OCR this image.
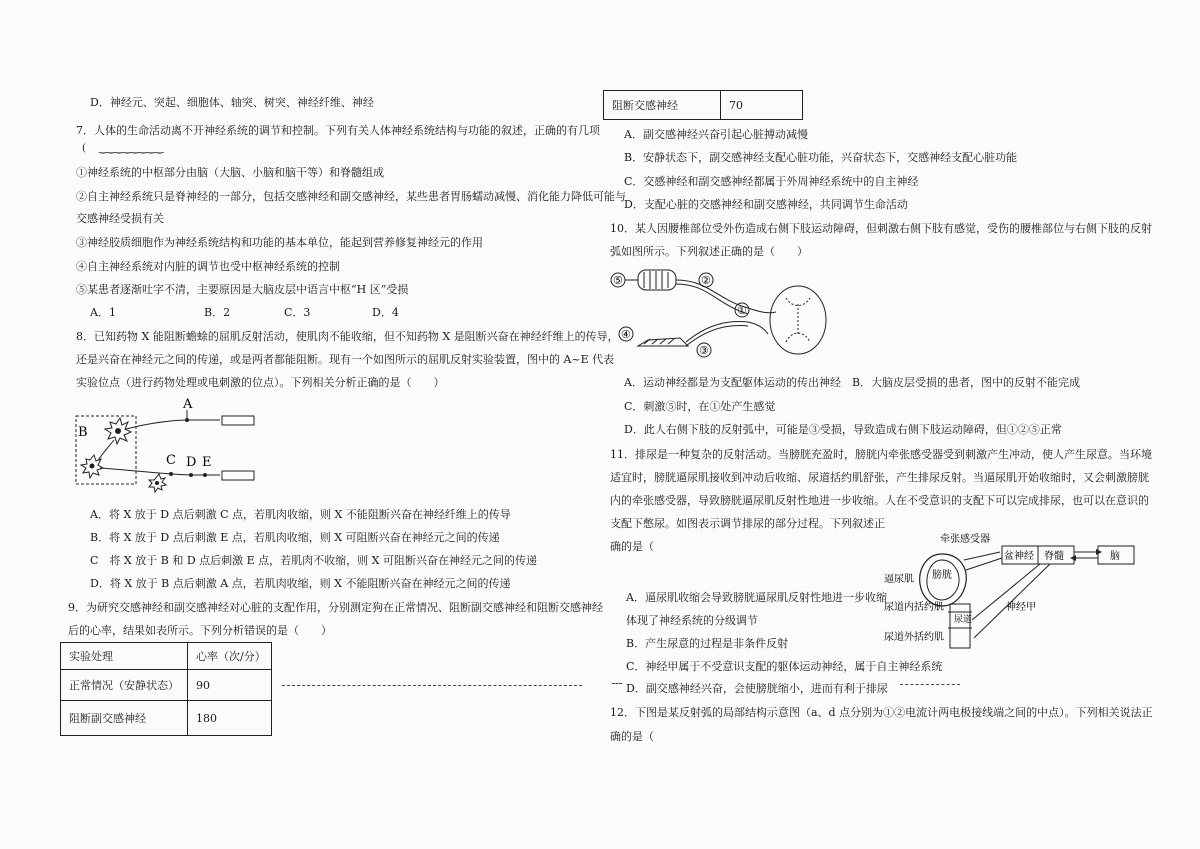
D．神经元、突起、细胞体、轴突、树突、神经纤维、神经
7．人体的生命活动离不开神经系统的调节和控制。下列有关人体神经系统结构与功能的叙述，正确的有几项
(　 ‿‿‿‿‿‿‿‿
①神经系统的中枢部分由脑（大脑、小脑和脑干等）和脊髓组成
②自主神经系统只是脊神经的一部分，包括交感神经和副交感神经，某些患者胃肠蠕动减慢、消化能力降低可能与
交感神经受损有关
③神经胶质细胞作为神经系统结构和功能的基本单位，能起到营养修复神经元的作用
④自主神经系统对内脏的调节也受中枢神经系统的控制
⑤某患者逐渐吐字不清，主要原因是大脑皮层中语言中枢“H 区”受损
A．1	B．2	C．3	D．4
8．已知药物 X 能阻断蟾蜍的屈肌反射活动，使肌肉不能收缩，但不知药物 X 是阻断兴奋在神经纤维上的传导，
还是兴奋在神经元之间的传递，或是两者都能阻断。现有一个如图所示的屈肌反射实验装置，图中的 A~E 代表
实验位点（进行药物处理或电刺激的位点）。下列相关分析正确的是（　　）
A
B
C D E
A．将 X 放于 D 点后刺激 C 点，若肌肉收缩，则 X 不能阻断兴奋在神经纤维上的传导
B．将 X 放于 D 点后刺激 E 点，若肌肉收缩，则 X 可阻断兴奋在神经元之间的传递
C　将 X 放于 B 和 D 点后刺激 E 点，若肌肉不收缩，则 X 可阻断兴奋在神经元之间的传递
D．将 X 放于 B 点后刺激 A 点，若肌肉收缩，则 X 不能阻断兴奋在神经元之间的传递
9．为研究交感神经和副交感神经对心脏的支配作用，分别测定狗在正常情况、阻断副交感神经和阻断交感神经
后的心率，结果如表所示。下列分析错误的是（　　）
实验处理	心率（次/分）
正常情况（安静状态）	90
阻断副交感神经	180
阻断交感神经	70
A．副交感神经兴奋引起心脏搏动减慢
B．安静状态下，副交感神经支配心脏功能，兴奋状态下，交感神经支配心脏功能
C．交感神经和副交感神经都属于外周神经系统中的自主神经
D．支配心脏的交感神经和副交感神经，共同调节生命活动
10．某人因腰椎部位受外伤造成右侧下肢运动障碍，但刺激右侧下肢有感觉，受伤的腰椎部位与右侧下肢的反射
弧如图所示。下列叙述正确的是（　　）
⑤	②
①
④
③
A．运动神经都是为支配躯体运动的传出神经　B．大脑皮层受损的患者，图中的反射不能完成
C．刺激⑤时，在①处产生感觉
D．此人右侧下肢的反射弧中，可能是③受损，导致造成右侧下肢运动障碍，但①②⑤正常
11．排尿是一种复杂的反射活动。当膀胱充盈时，膀胱内牵张感受器受到刺激产生冲动，使人产生尿意。当环境
适宜时，膀胱逼尿肌接收到冲动后收缩、尿道括约肌舒张，产生排尿反射。当逼尿肌开始收缩时，又会刺激膀胱
内的牵张感受器，导致膀胱逼尿肌反射性地进一步收缩。人在不受意识的支配下可以完成排尿，也可以在意识的
支配下憋尿。如图表示调节排尿的部分过程。下列叙述正
确的是（
牵张感受器
盆神经 脊髓	脑
逼尿肌 膀胱
尿道内括约肌	神经甲
尿道
尿道外括约肌
A．逼尿肌收缩会导致膀胱逼尿肌反射性地进一步收缩
体现了神经系统的分级调节
B．产生尿意的过程是非条件反射
C．神经甲属于不受意识支配的躯体运动神经，属于自主神经系统
D．副交感神经兴奋，会使膀胱缩小，进而有利于排尿
12．下图是某反射弧的局部结构示意图（a、d 点分别为①②电流计两电极接线端之间的中点）。下列相关说法正
确的是（
